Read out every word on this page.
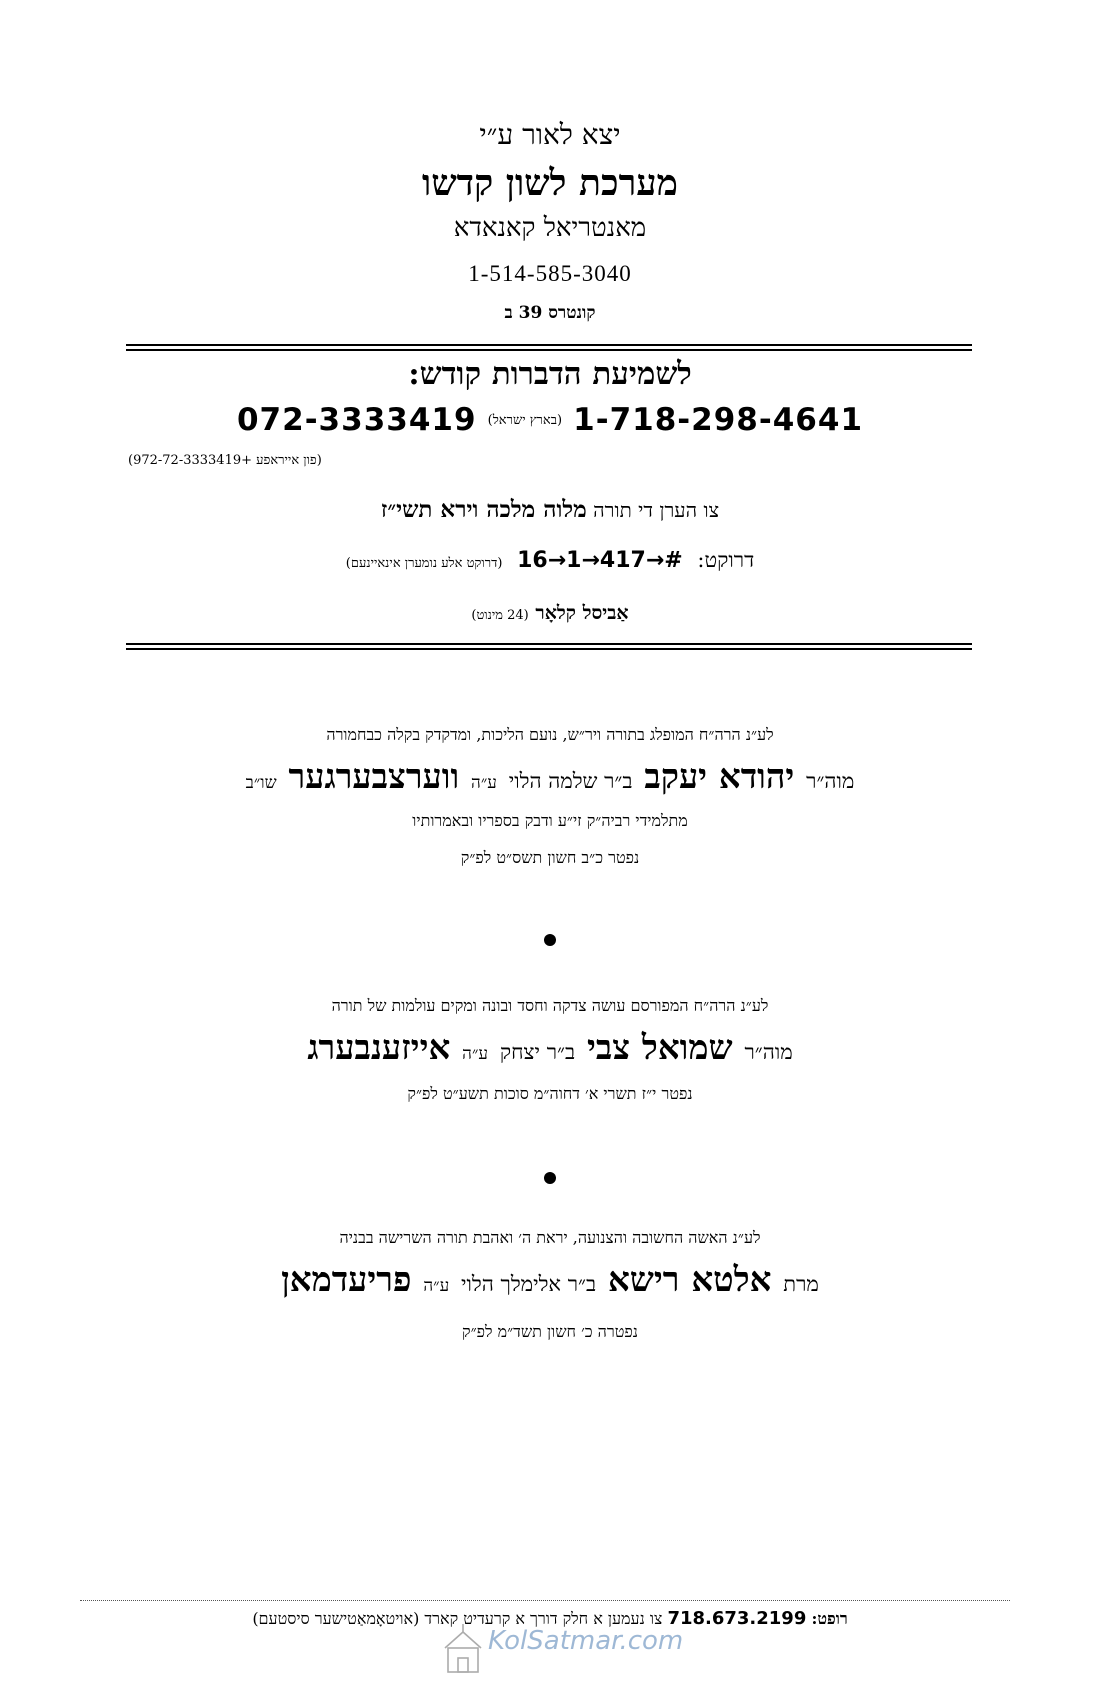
יצא לאור ע״י
מערכת לשון קדשו
מאנטריאל קאנאדא
1-514-585-3040
קונטרס 39 ב
לשמיעת הדברות קודש:
072-3333419 $^{(בארץ ישראל)}$ 1-718-298-4641
(פון אייראפע +972-72-3333419)
צו הערן די תורה מלוה מלכה וירא תשי״ז
דרוקט: 16→1→417→# (דרוקט אלע נומערן אינאיינעם)
אַביסל קלאָר (24 מינוט)
לע״נ הרה״ח המופלג בתורה ויר״ש, נועם הליכות, ומדקדק בקלה כבחמורה
מוה״ר יהודא יעקב ב״ר שלמה הלוי ע״ה ווערצבערגער שו״ב
מתלמידי רביה״ק זי״ע ודבק בספריו ובאמרותיו
נפטר כ״ב חשון תשס״ט לפ״ק
לע״נ הרה״ח המפורסם עושה צדקה וחסד ובונה ומקים עולמות של תורה
מוה״ר שמואל צבי ב״ר יצחק ע״ה אייזענבערג
נפטר י״ז תשרי א׳ דחוה״מ סוכות תשע״ט לפ״ק
לע״נ האשה החשובה והצנועה, יראת ה׳ ואהבת תורה השרישה בבניה
מרת אלטא רישא ב״ר אלימלך הלוי ע״ה פריעדמאן
נפטרה כ׳ חשון תשד״מ לפ״ק
רופט: 718.673.2199 צו נעמען א חלק דורך א קרעדיט קארד (אויטאָמאַטישער סיסטעם)
KolSatmar.com
